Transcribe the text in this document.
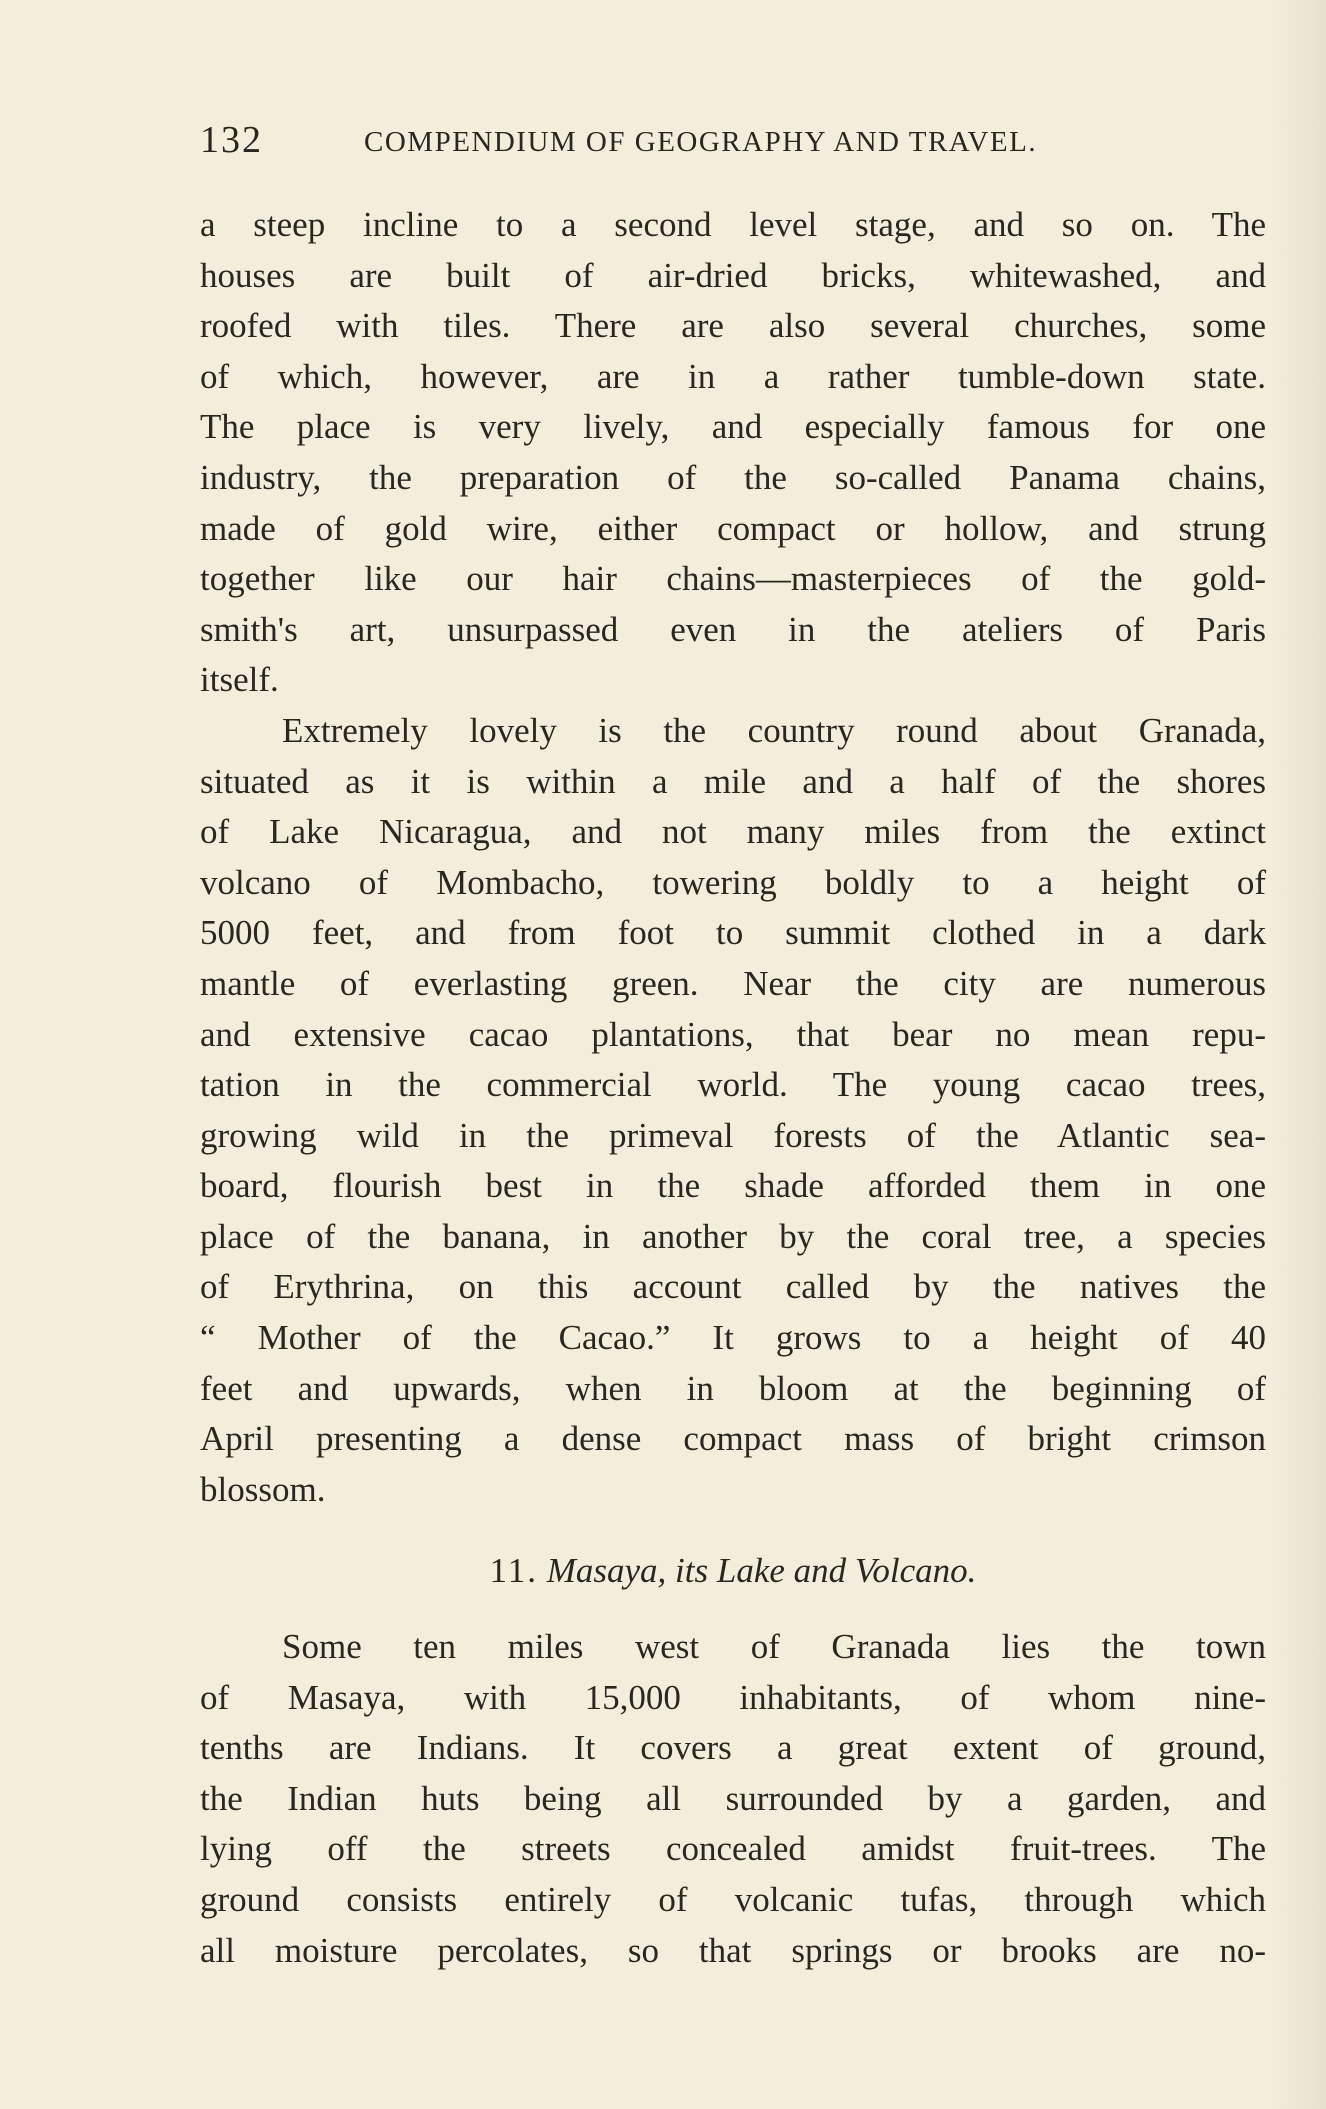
132	COMPENDIUM OF GEOGRAPHY AND TRAVEL.
a steep incline to a second level stage, and so on. The
houses are built of air-dried bricks, whitewashed, and
roofed with tiles. There are also several churches, some
of which, however, are in a rather tumble-down state.
The place is very lively, and especially famous for one
industry, the preparation of the so-called Panama chains,
made of gold wire, either compact or hollow, and strung
together like our hair chains—masterpieces of the gold-
smith's art, unsurpassed even in the ateliers of Paris
itself.
Extremely lovely is the country round about Granada,
situated as it is within a mile and a half of the shores
of Lake Nicaragua, and not many miles from the extinct
volcano of Mombacho, towering boldly to a height of
5000 feet, and from foot to summit clothed in a dark
mantle of everlasting green. Near the city are numerous
and extensive cacao plantations, that bear no mean repu-
tation in the commercial world. The young cacao trees,
growing wild in the primeval forests of the Atlantic sea-
board, flourish best in the shade afforded them in one
place of the banana, in another by the coral tree, a species
of Erythrina, on this account called by the natives the
“ Mother of the Cacao.” It grows to a height of 40
feet and upwards, when in bloom at the beginning of
April presenting a dense compact mass of bright crimson
blossom.
11. Masaya, its Lake and Volcano.
Some ten miles west of Granada lies the town
of Masaya, with 15,000 inhabitants, of whom nine-
tenths are Indians. It covers a great extent of ground,
the Indian huts being all surrounded by a garden, and
lying off the streets concealed amidst fruit-trees. The
ground consists entirely of volcanic tufas, through which
all moisture percolates, so that springs or brooks are no-
